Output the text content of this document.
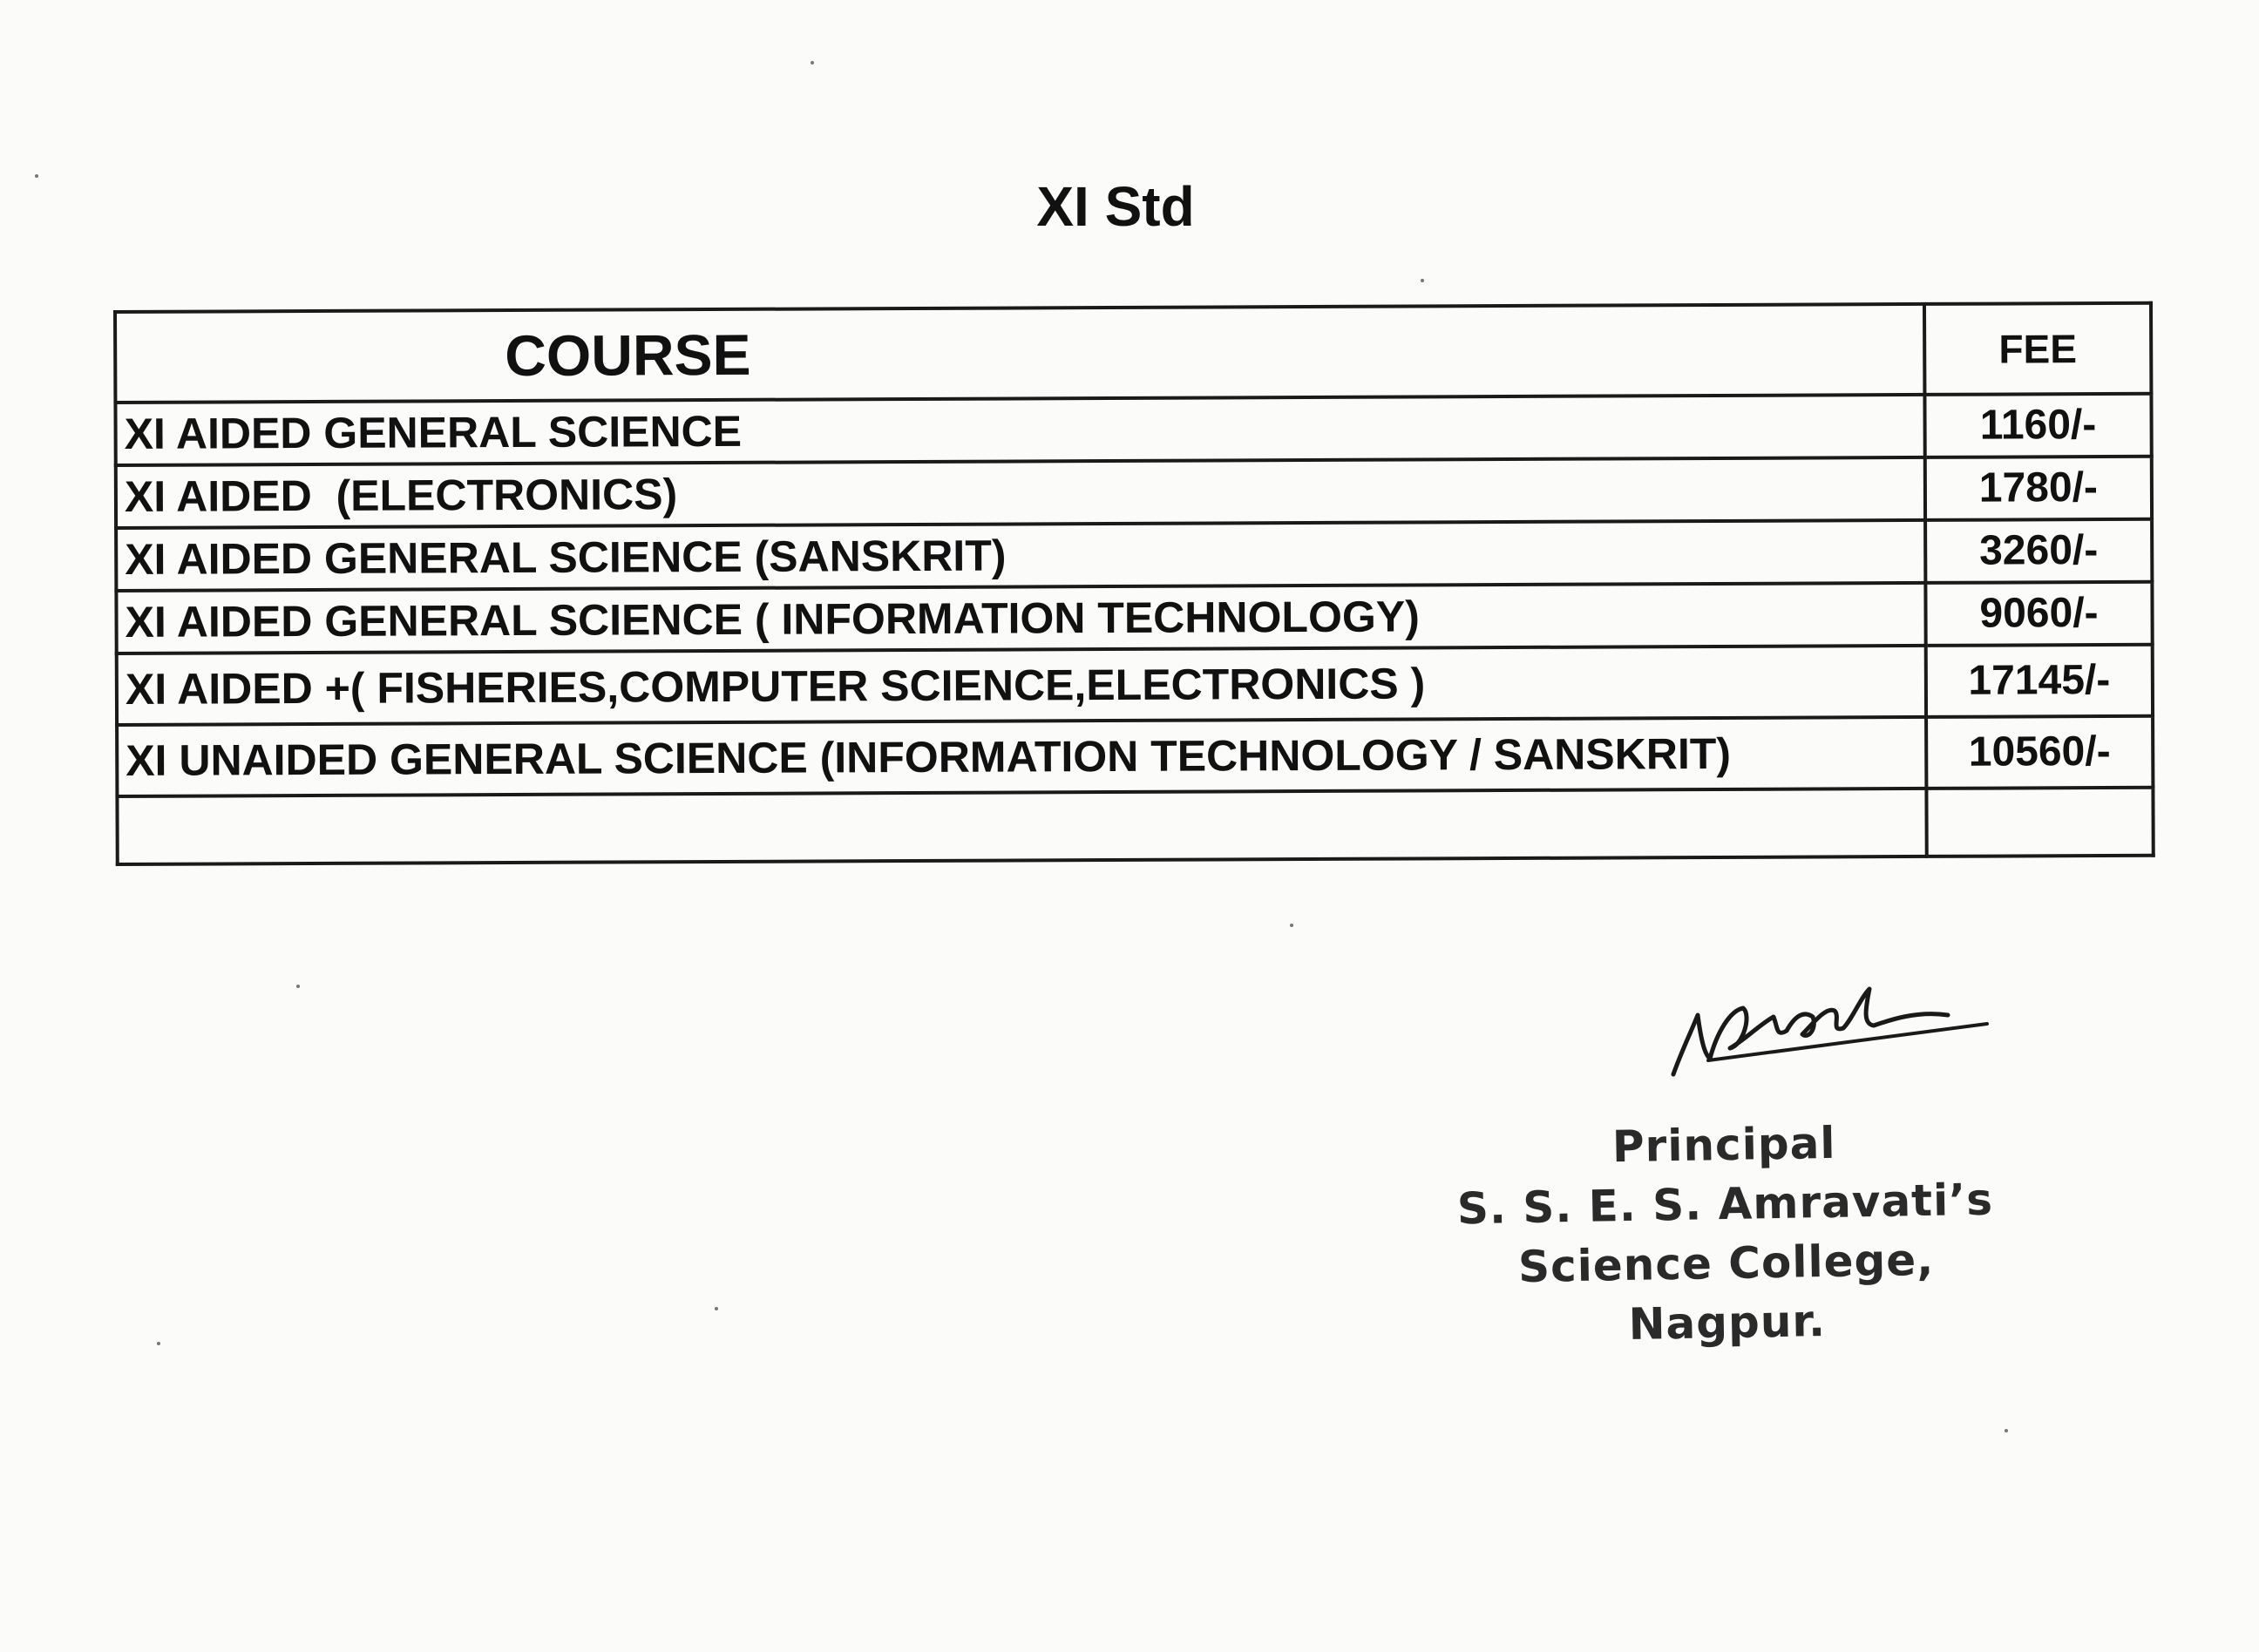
XI Std
COURSE	FEE
XI AIDED GENERAL SCIENCE	1160/-
XI AIDED  (ELECTRONICS)	1780/-
XI AIDED GENERAL SCIENCE (SANSKRIT)	3260/-
XI AIDED GENERAL SCIENCE ( INFORMATION TECHNOLOGY)	9060/-
XI AIDED +( FISHERIES,COMPUTER SCIENCE,ELECTRONICS )	17145/-
XI UNAIDED GENERAL SCIENCE (INFORMATION TECHNOLOGY / SANSKRIT)	10560/-

Principal
S. S. E. S. Amravati’s
Science College, Nagpur.
